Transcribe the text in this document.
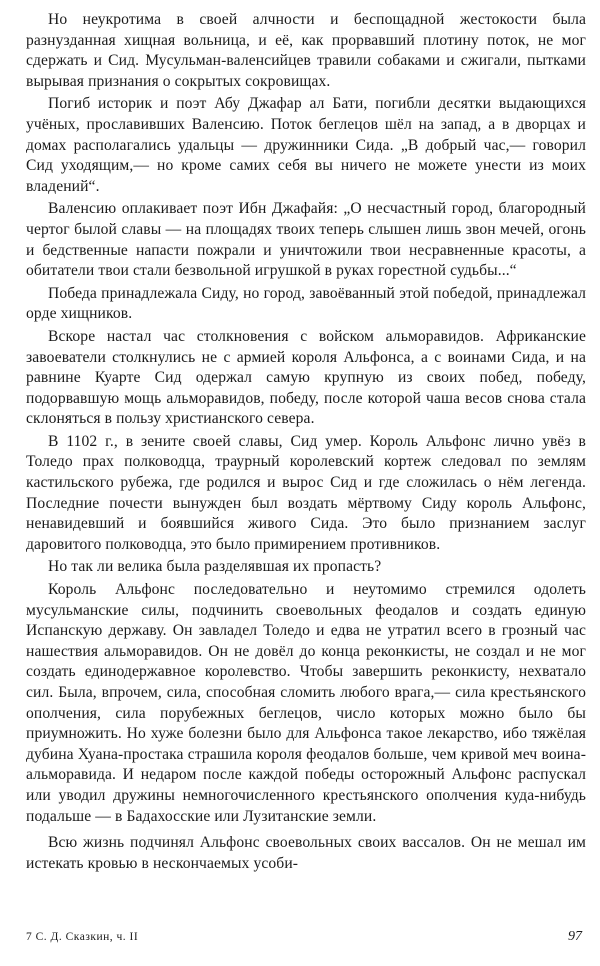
Но неукротима в своей алчности и беспощадной жестокости была разнузданная хищная вольница, и её, как прорвавший плотину поток, не мог сдержать и Сид. Мусульман-валенсийцев травили собаками и сжигали, пытками вырывая признания о сокрытых сокровищах.

Погиб историк и поэт Абу Джафар ал Бати, погибли десятки выдающихся учёных, прославивших Валенсию. Поток беглецов шёл на запад, а в дворцах и домах располагались удальцы — дружинники Сида. „В добрый час,— говорил Сид уходящим,— но кроме самих себя вы ничего не можете унести из моих владений“.

Валенсию оплакивает поэт Ибн Джафайя: „О несчастный город, благородный чертог былой славы — на площадях твоих теперь слышен лишь звон мечей, огонь и бедственные напасти пожрали и уничтожили твои несравненные красоты, а обитатели твои стали безвольной игрушкой в руках горестной судьбы...“

Победа принадлежала Сиду, но город, завоёванный этой победой, принадлежал орде хищников.

Вскоре настал час столкновения с войском альморавидов. Африканские завоеватели столкнулись не с армией короля Альфонса, а с воинами Сида, и на равнине Куарте Сид одержал самую крупную из своих побед, победу, подорвавшую мощь альморавидов, победу, после которой чаша весов снова стала склоняться в пользу христианского севера.

В 1102 г., в зените своей славы, Сид умер. Король Альфонс лично увёз в Толедо прах полководца, траурный королевский кортеж следовал по землям кастильского рубежа, где родился и вырос Сид и где сложилась о нём легенда. Последние почести вынужден был воздать мёртвому Сиду король Альфонс, ненавидевший и боявшийся живого Сида. Это было признанием заслуг даровитого полководца, это было примирением противников.

Но так ли велика была разделявшая их пропасть?

Король Альфонс последовательно и неутомимо стремился одолеть мусульманские силы, подчинить своевольных феодалов и создать единую Испанскую державу. Он завладел Толедо и едва не утратил всего в грозный час нашествия альморавидов. Он не довёл до конца реконкисты, не создал и не мог создать единодержавное королевство. Чтобы завершить реконкисту, нехватало сил. Была, впрочем, сила, способная сломить любого врага,— сила крестьянского ополчения, сила порубежных беглецов, число которых можно было бы приумножить. Но хуже болезни было для Альфонса такое лекарство, ибо тяжёлая дубина Хуана-простака страшила короля феодалов больше, чем кривой меч воина-альморавида. И недаром после каждой победы осторожный Альфонс распускал или уводил дружины немногочисленного крестьянского ополчения куда-нибудь подальше — в Бадахосские или Лузитанские земли.

Всю жизнь подчинял Альфонс своевольных своих вассалов. Он не мешал им истекать кровью в нескончаемых усоби-

7 С. Д. Сказкин, ч. II	97
